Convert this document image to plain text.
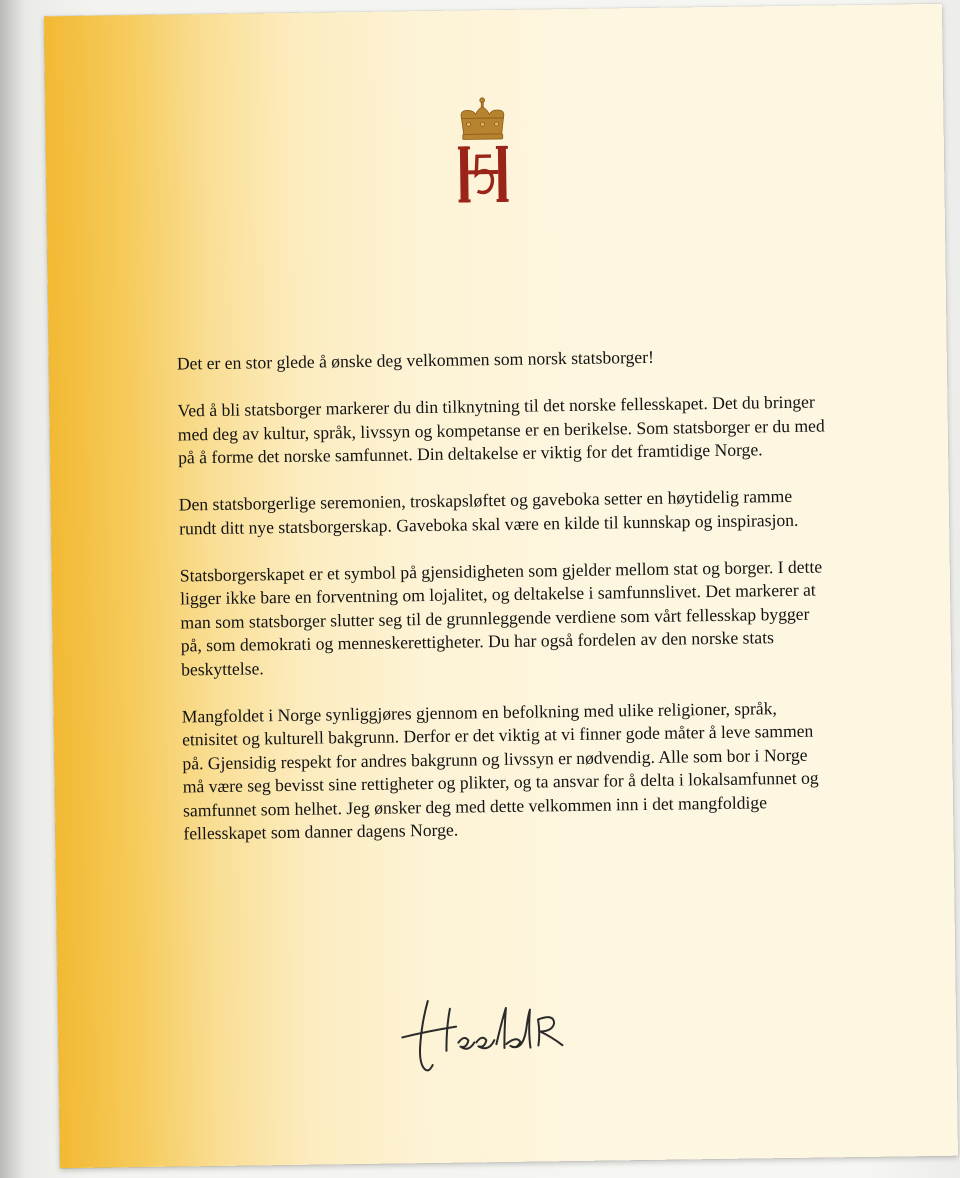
Det er en stor glede å ønske deg velkommen som norsk statsborger!

Ved å bli statsborger markerer du din tilknytning til det norske fellesskapet. Det du bringer med deg av kultur, språk, livssyn og kompetanse er en berikelse. Som statsborger er du med på å forme det norske samfunnet. Din deltakelse er viktig for det framtidige Norge.

Den statsborgerlige seremonien, troskapsløftet og gaveboka setter en høytidelig ramme rundt ditt nye statsborgerskap. Gaveboka skal være en kilde til kunnskap og inspirasjon.

Statsborgerskapet er et symbol på gjensidigheten som gjelder mellom stat og borger. I dette ligger ikke bare en forventning om lojalitet, og deltakelse i samfunnslivet. Det markerer at man som statsborger slutter seg til de grunnleggende verdiene som vårt fellesskap bygger på, som demokrati og menneskerettigheter. Du har også fordelen av den norske stats beskyttelse.

Mangfoldet i Norge synliggjøres gjennom en befolkning med ulike religioner, språk, etnisitet og kulturell bakgrunn. Derfor er det viktig at vi finner gode måter å leve sammen på. Gjensidig respekt for andres bakgrunn og livssyn er nødvendig. Alle som bor i Norge må være seg bevisst sine rettigheter og plikter, og ta ansvar for å delta i lokalsamfunnet og samfunnet som helhet. Jeg ønsker deg med dette velkommen inn i det mangfoldige fellesskapet som danner dagens Norge.
